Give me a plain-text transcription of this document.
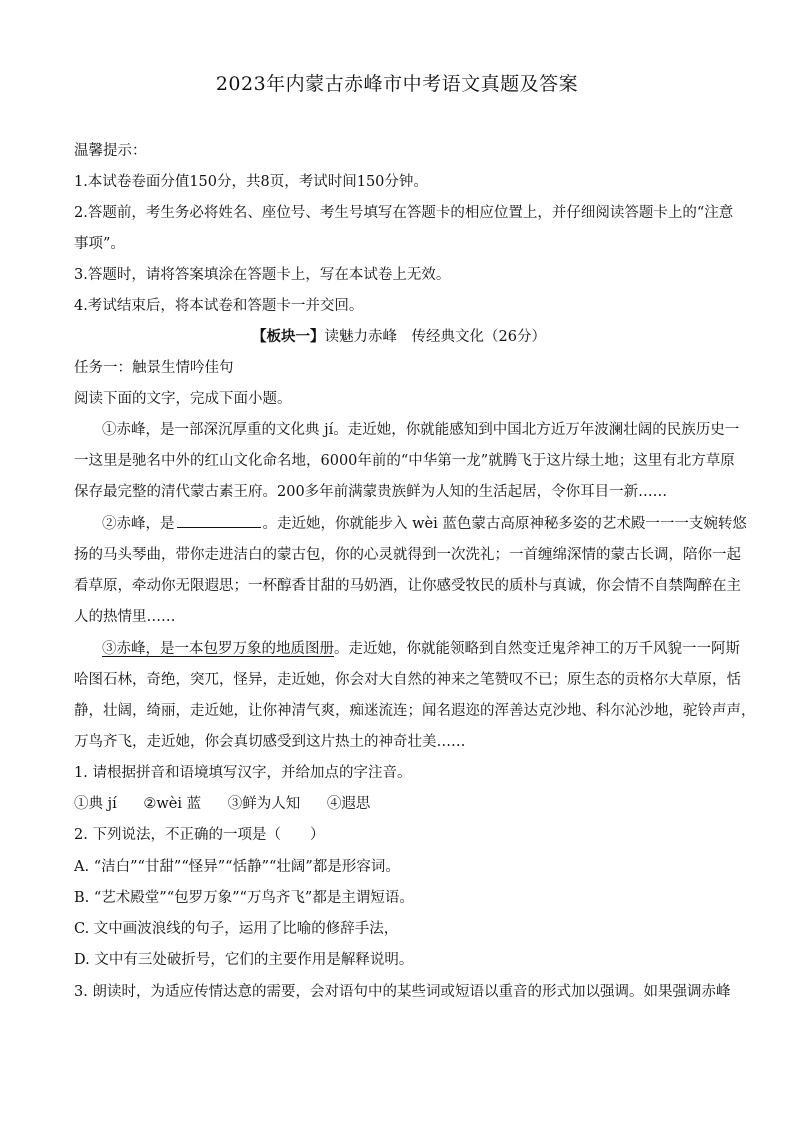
2023年内蒙古赤峰市中考语文真题及答案
温馨提示：
1.本试卷卷面分值150分，共8页，考试时间150分钟。
2.答题前，考生务必将姓名、座位号、考生号填写在答题卡的相应位置上，并仔细阅读答题卡上的“注意
事项”。
3.答题时，请将答案填涂在答题卡上，写在本试卷上无效。
4.考试结束后，将本试卷和答题卡一并交回。
【板块一】读魅力赤峰　传经典文化（26分）
任务一：触景生情吟佳句
阅读下面的文字，完成下面小题。
①赤峰，是一部深沉厚重的文化典 jí。走近她，你就能感知到中国北方近万年波澜壮阔的民族历史一
一这里是驰名中外的红山文化命名地，6000年前的“中华第一龙”就腾飞于这片绿土地；这里有北方草原
保存最完整的清代蒙古素王府。200多年前满蒙贵族鲜为人知的生活起居，令你耳目一新……
②赤峰，是	。走近她，你就能步入 wèi 蓝色蒙古高原神秘多姿的艺术殿一一一支婉转悠
扬的马头琴曲，带你走进洁白的蒙古包，你的心灵就得到一次洗礼；一首缠绵深情的蒙古长调，陪你一起
看草原，牵动你无限遐思；一杯醇香甘甜的马奶酒，让你感受牧民的质朴与真诚，你会情不自禁陶醉在主
人的热情里……
③赤峰，是一本包罗万象的地质图册。走近她，你就能领略到自然变迁鬼斧神工的万千风貌一一阿斯
哈图石林，奇绝，突兀，怪异，走近她，你会对大自然的神来之笔赞叹不已；原生态的贡格尔大草原，恬
静，壮阔，绮丽，走近她，让你神清气爽，痴迷流连；闻名遐迩的浑善达克沙地、科尔沁沙地，驼铃声声，
万鸟齐飞，走近她，你会真切感受到这片热土的神奇壮美……
1. 请根据拼音和语境填写汉字，并给加点的字注音。
①典 jí ②wèi 蓝 ③鲜为人知 ④遐思
2. 下列说法，不正确的一项是（　　）
A. “洁白”“甘甜”“怪异”“恬静”“壮阔”都是形容词。
B. “艺术殿堂”“包罗万象”“万鸟齐飞”都是主谓短语。
C. 文中画波浪线的句子，运用了比喻的修辞手法，
D. 文中有三处破折号，它们的主要作用是解释说明。
3. 朗读时，为适应传情达意的需要，会对语句中的某些词或短语以重音的形式加以强调。如果强调赤峰
